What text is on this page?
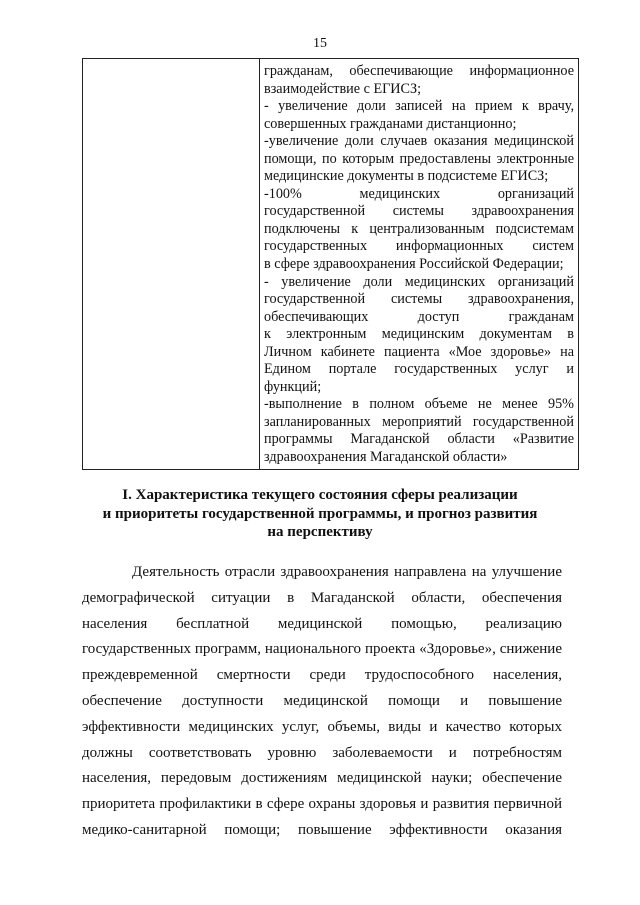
15
гражданам, обеспечивающие информационное
взаимодействие с ЕГИСЗ;
- увеличение доли записей на прием к врачу,
совершенных гражданами дистанционно;
-увеличение доли случаев оказания медицинской
помощи, по которым предоставлены электронные
медицинские документы в подсистеме ЕГИСЗ;
-100% медицинских организаций
государственной системы здравоохранения
подключены к централизованным подсистемам
государственных информационных систем
в сфере здравоохранения Российской Федерации;
- увеличение доли медицинских организаций
государственной системы здравоохранения,
обеспечивающих доступ гражданам
к электронным медицинским документам в
Личном кабинете пациента «Мое здоровье» на
Едином портале государственных услуг и
функций;
-выполнение в полном объеме не менее 95%
запланированных мероприятий государственной
программы Магаданской области «Развитие
здравоохранения Магаданской области»
I. Характеристика текущего состояния сферы реализации
и приоритеты государственной программы, и прогноз развития
на перспективу
Деятельность отрасли здравоохранения направлена на улучшение
демографической ситуации в Магаданской области, обеспечения
населения бесплатной медицинской помощью, реализацию
государственных программ, национального проекта «Здоровье», снижение
преждевременной смертности среди трудоспособного населения,
обеспечение доступности медицинской помощи и повышение
эффективности медицинских услуг, объемы, виды и качество которых
должны соответствовать уровню заболеваемости и потребностям
населения, передовым достижениям медицинской науки; обеспечение
приоритета профилактики в сфере охраны здоровья и развития первичной
медико-санитарной помощи; повышение эффективности оказания
